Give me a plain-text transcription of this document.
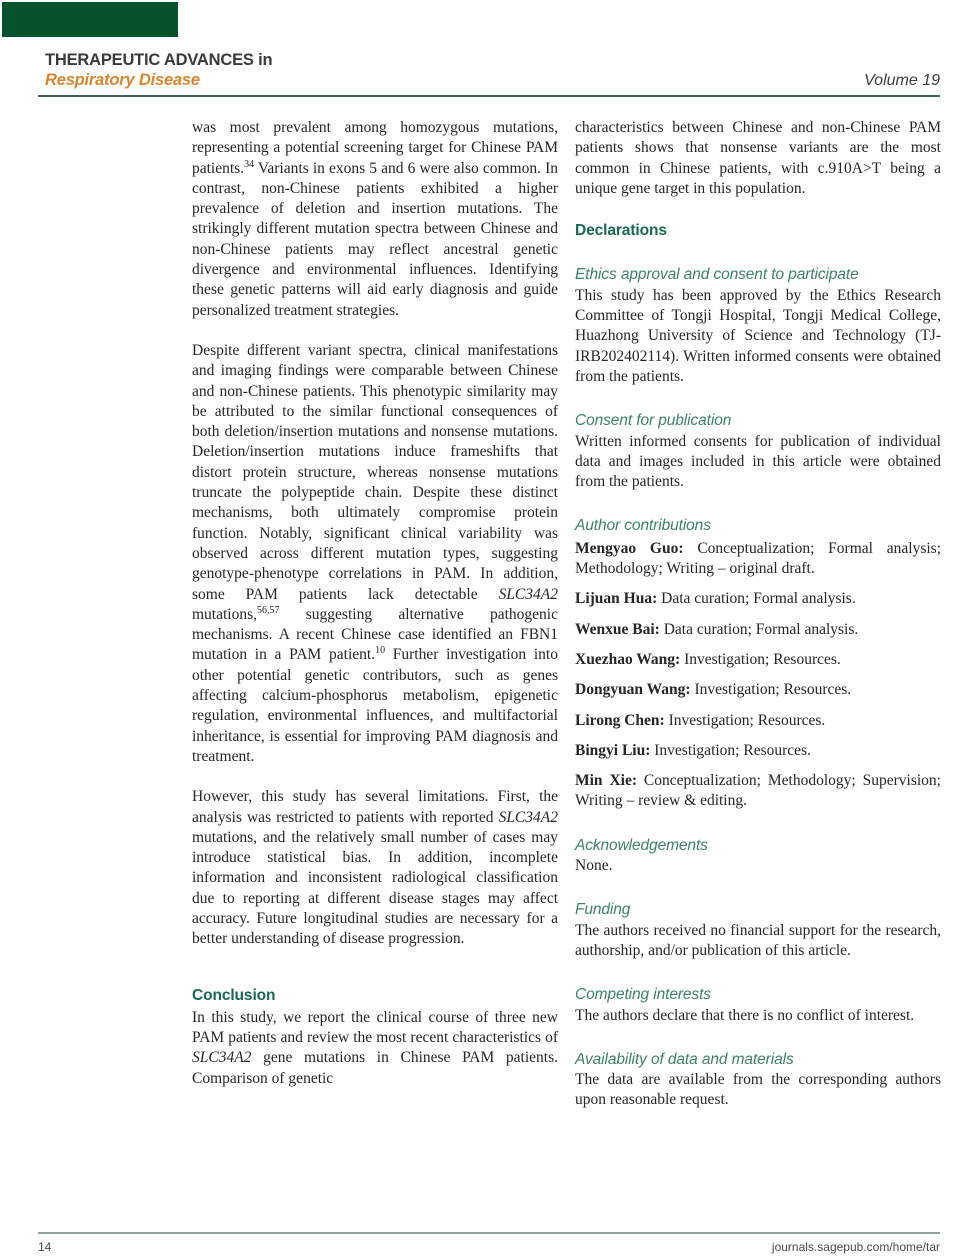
THERAPEUTIC ADVANCES in
Respiratory Disease	Volume 19

was most prevalent among homozygous mutations, representing a potential screening target for Chinese PAM patients.$^{34}$ Variants in exons 5 and 6 were also common. In contrast, non-Chinese patients exhibited a higher prevalence of deletion and insertion mutations. The strikingly different mutation spectra between Chinese and non-Chinese patients may reflect ancestral genetic divergence and environmental influences. Identifying these genetic patterns will aid early diagnosis and guide personalized treatment strategies.

Despite different variant spectra, clinical manifestations and imaging findings were comparable between Chinese and non-Chinese patients. This phenotypic similarity may be attributed to the similar functional consequences of both deletion/insertion mutations and nonsense mutations. Deletion/insertion mutations induce frameshifts that distort protein structure, whereas nonsense mutations truncate the polypeptide chain. Despite these distinct mechanisms, both ultimately compromise protein function. Notably, significant clinical variability was observed across different mutation types, suggesting genotype-phenotype correlations in PAM. In addition, some PAM patients lack detectable SLC34A2 mutations,$^{56,57}$ suggesting alternative pathogenic mechanisms. A recent Chinese case identified an FBN1 mutation in a PAM patient.$^{10}$ Further investigation into other potential genetic contributors, such as genes affecting calcium-phosphorus metabolism, epigenetic regulation, environmental influences, and multifactorial inheritance, is essential for improving PAM diagnosis and treatment.

However, this study has several limitations. First, the analysis was restricted to patients with reported SLC34A2 mutations, and the relatively small number of cases may introduce statistical bias. In addition, incomplete information and inconsistent radiological classification due to reporting at different disease stages may affect accuracy. Future longitudinal studies are necessary for a better understanding of disease progression.

Conclusion

In this study, we report the clinical course of three new PAM patients and review the most recent characteristics of SLC34A2 gene mutations in Chinese PAM patients. Comparison of genetic

characteristics between Chinese and non-Chinese PAM patients shows that nonsense variants are the most common in Chinese patients, with c.910A>T being a unique gene target in this population.

Declarations
Ethics approval and consent to participate

This study has been approved by the Ethics Research Committee of Tongji Hospital, Tongji Medical College, Huazhong University of Science and Technology (TJ-IRB202402114). Written informed consents were obtained from the patients.

Consent for publication

Written informed consents for publication of individual data and images included in this article were obtained from the patients.

Author contributions

Mengyao Guo: Conceptualization; Formal analysis; Methodology; Writing – original draft.

Lijuan Hua: Data curation; Formal analysis.

Wenxue Bai: Data curation; Formal analysis.

Xuezhao Wang: Investigation; Resources.

Dongyuan Wang: Investigation; Resources.

Lirong Chen: Investigation; Resources.

Bingyi Liu: Investigation; Resources.

Min Xie: Conceptualization; Methodology; Supervision; Writing – review & editing.

Acknowledgements

None.

Funding

The authors received no financial support for the research, authorship, and/or publication of this article.

Competing interests

The authors declare that there is no conflict of interest.

Availability of data and materials

The data are available from the corresponding authors upon reasonable request.

14	journals.sagepub.com/home/tar
